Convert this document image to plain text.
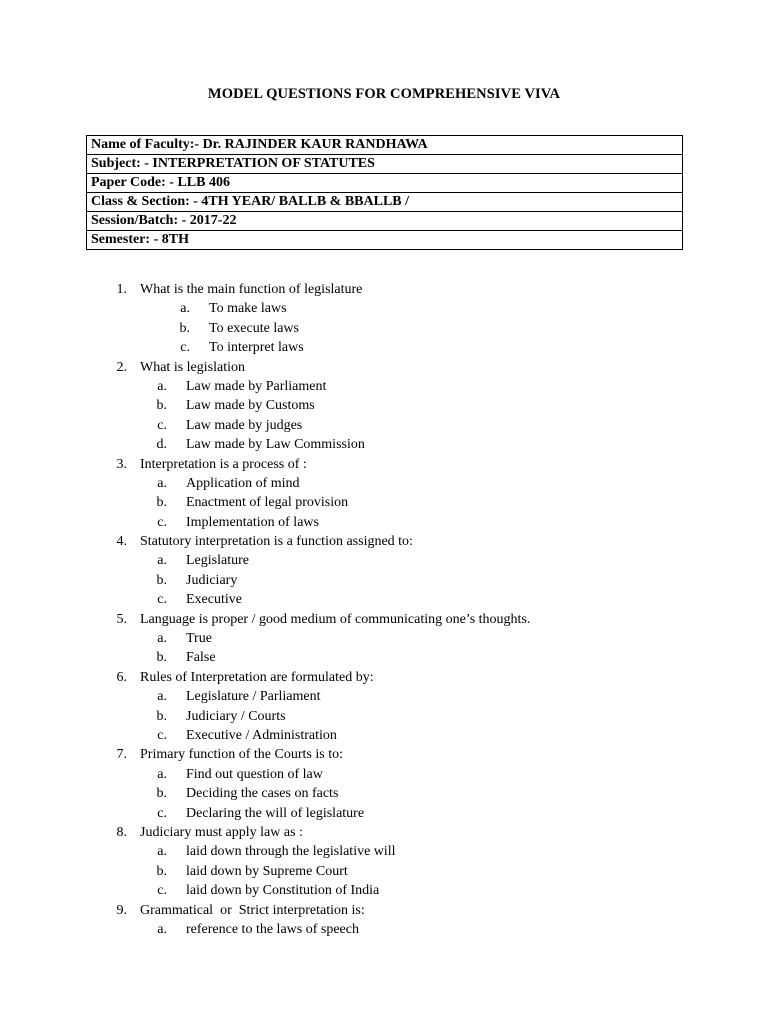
MODEL QUESTIONS FOR COMPREHENSIVE VIVA
Name of Faculty:- Dr. RAJINDER KAUR RANDHAWA
Subject: - INTERPRETATION OF STATUTES
Paper Code: - LLB 406
Class & Section: - 4TH YEAR/ BALLB & BBALLB /
Session/Batch: - 2017-22
Semester: - 8TH
1. What is the main function of legislature
a. To make laws
b. To execute laws
c. To interpret laws
2. What is legislation
a. Law made by Parliament
b. Law made by Customs
c. Law made by judges
d. Law made by Law Commission
3. Interpretation is a process of :
a. Application of mind
b. Enactment of legal provision
c. Implementation of laws
4. Statutory interpretation is a function assigned to:
a. Legislature
b. Judiciary
c. Executive
5. Language is proper / good medium of communicating one’s thoughts.
a. True
b. False
6. Rules of Interpretation are formulated by:
a. Legislature / Parliament
b. Judiciary / Courts
c. Executive / Administration
7. Primary function of the Courts is to:
a. Find out question of law
b. Deciding the cases on facts
c. Declaring the will of legislature
8. Judiciary must apply law as :
a. laid down through the legislative will
b. laid down by Supreme Court
c. laid down by Constitution of India
9. Grammatical  or  Strict interpretation is:
a. reference to the laws of speech
